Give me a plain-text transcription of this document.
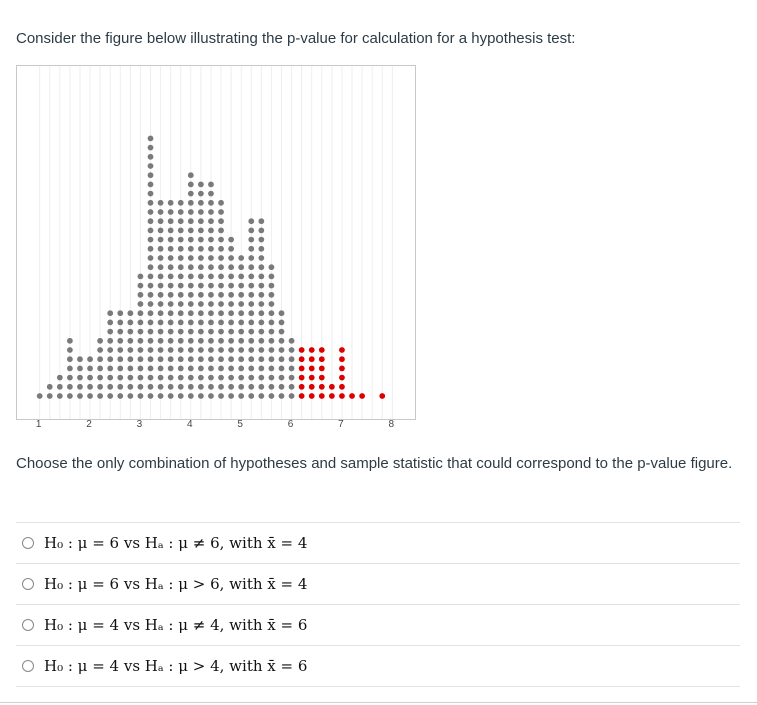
Consider the figure below illustrating the p-value for calculation for a hypothesis test:
1	2	3	4	5	6	7	8
Choose the only combination of hypotheses and sample statistic that could correspond to the p-value figure.
H₀ : μ = 6 vs Hₐ : μ ≠ 6, with x̄ = 4
H₀ : μ = 6 vs Hₐ : μ > 6, with x̄ = 4
H₀ : μ = 4 vs Hₐ : μ ≠ 4, with x̄ = 6
H₀ : μ = 4 vs Hₐ : μ > 4, with x̄ = 6
